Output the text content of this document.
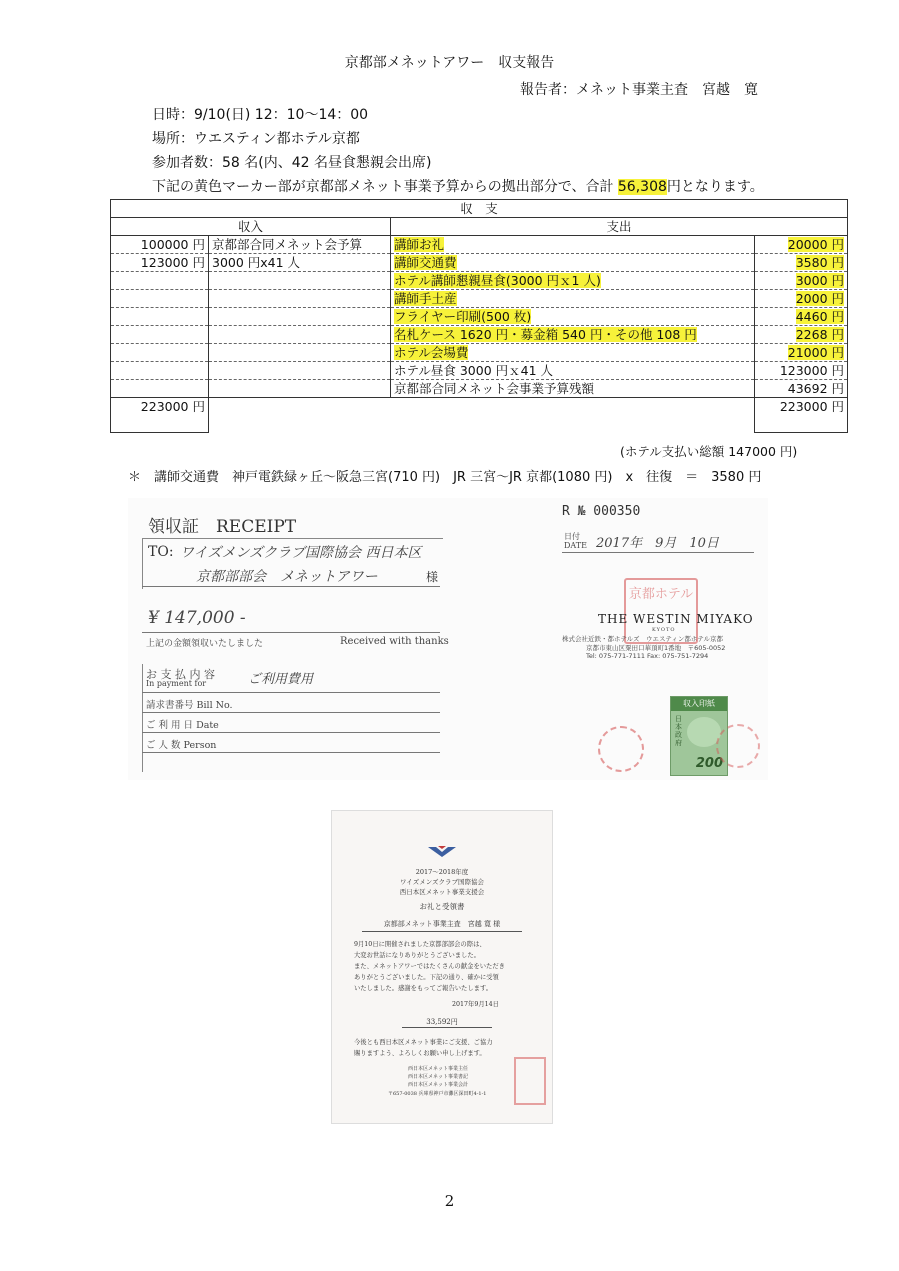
京都部メネットアワー　収支報告
報告者：メネット事業主査　宮越　寛
日時：9/10(日) 12：10～14：00
場所：ウエスティン都ホテル京都
参加者数：58 名(内、42 名昼食懇親会出席)
下記の黄色マーカー部が京都部メネット事業予算からの拠出部分で、合計 56,308円となります。
収　支			
収入		支出	
100000 円	京都部合同メネット会予算	講師お礼	20000 円
123000 円	3000 円x41 人	講師交通費	3580 円
		ホテル講師懇親昼食(3000 円ｘ1 人)	3000 円
		講師手土産	2000 円
		フライヤー印刷(500 枚)	4460 円
		名札ケース 1620 円・募金箱 540 円・その他 108 円	2268 円
		ホテル会場費	21000 円
		ホテル昼食 3000 円ｘ41 人	123000 円
		京都部合同メネット会事業予算残額	43692 円
223000 円			223000 円
(ホテル支払い総額 147000 円)
＊　講師交通費　神戸電鉄緑ヶ丘～阪急三宮(710 円)　JR 三宮～JR 京都(1080 円)　x　往復　＝　3580 円
領収証　RECEIPT
TO: ワイズメンズクラブ国際協会 西日本区
京都部部会　メネットアワー	様
¥ 147,000 -
上記の金額領収いたしました	Received with thanks
お 支 払 内 容
In payment for	ご利用費用
請求書番号 Bill No.
ご 利 用 日 Date
ご 人 数 Person
R № 000350
日付 DATE 2017年　9月　10日
京都ホテル
THE WESTIN MIYAKO
KYOTO
株式会社近鉄・都ホテルズ　ウエスティン都ホテル京都
京都市東山区粟田口華頂町1番地　〒605-0052
Tel: 075-771-7111 Fax: 075-751-7294
収入印紙
日本政府
200
2017～2018年度
ワイズメンズクラブ国際協会
西日本区メネット事業支援会
お礼と受領書
京都部メネット事業主査　宮越 寛 様
9月10日に開催されました京都部部会の際は、
大変お世話になりありがとうございました。
また、メネットアワーではたくさんの献金をいただき
ありがとうございました。下記の通り、確かに受領
いたしました。感謝をもってご報告いたします。
2017年9月14日
33,592円
今後とも西日本区メネット事業にご支援、ご協力
賜りますよう、よろしくお願い申し上げます。
西日本区メネット事業主任
西日本区メネット事業書記
西日本区メネット事業会計
〒657-0038 兵庫県神戸市灘区深田町4-1-1
2
